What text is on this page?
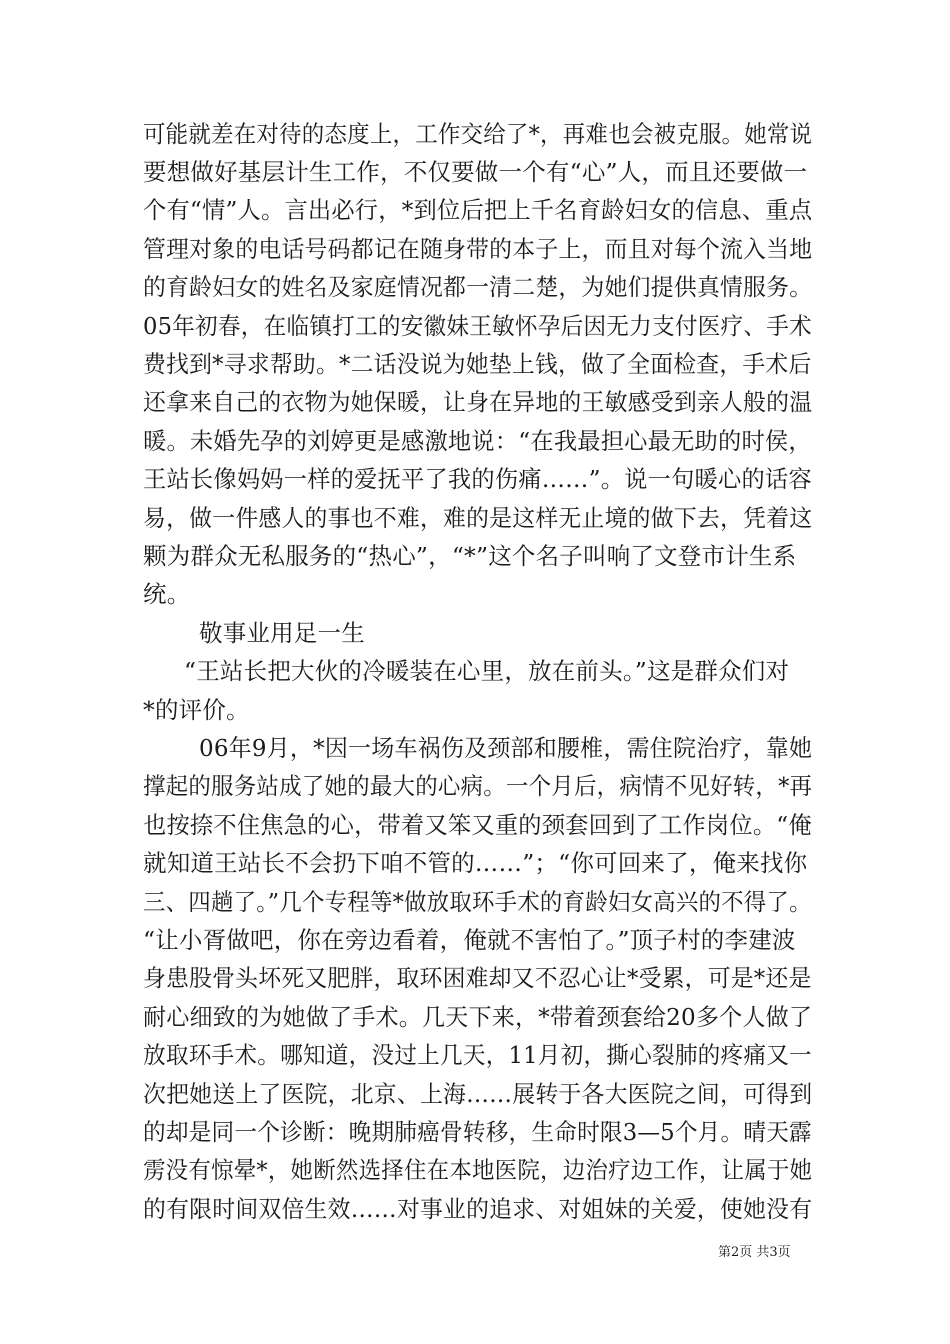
可能就差在对待的态度上，工作交给了*，再难也会被克服。她常说
要想做好基层计生工作，不仅要做一个有“心”人，而且还要做一
个有“情”人。言出必行，*到位后把上千名育龄妇女的信息、重点
管理对象的电话号码都记在随身带的本子上，而且对每个流入当地
的育龄妇女的姓名及家庭情况都一清二楚，为她们提供真情服务。
05年初春，在临镇打工的安徽妹王敏怀孕后因无力支付医疗、手术
费找到*寻求帮助。*二话没说为她垫上钱，做了全面检查，手术后
还拿来自己的衣物为她保暖，让身在异地的王敏感受到亲人般的温
暖。未婚先孕的刘婷更是感激地说：“在我最担心最无助的时侯，
王站长像妈妈一样的爱抚平了我的伤痛……”。说一句暖心的话容
易，做一件感人的事也不难，难的是这样无止境的做下去，凭着这
颗为群众无私服务的“热心”，“*”这个名子叫响了文登市计生系
统。
敬事业用足一生
“王站长把大伙的冷暖装在心里，放在前头。”这是群众们对
*的评价。
06年9月，*因一场车祸伤及颈部和腰椎，需住院治疗，靠她
撑起的服务站成了她的最大的心病。一个月后，病情不见好转，*再
也按捺不住焦急的心，带着又笨又重的颈套回到了工作岗位。“俺
就知道王站长不会扔下咱不管的……”；“你可回来了，俺来找你
三、四趟了。”几个专程等*做放取环手术的育龄妇女高兴的不得了。
“让小胥做吧，你在旁边看着，俺就不害怕了。”顶子村的李建波
身患股骨头坏死又肥胖，取环困难却又不忍心让*受累，可是*还是
耐心细致的为她做了手术。几天下来，*带着颈套给20多个人做了
放取环手术。哪知道，没过上几天，11月初，撕心裂肺的疼痛又一
次把她送上了医院，北京、上海……展转于各大医院之间，可得到
的却是同一个诊断：晚期肺癌骨转移，生命时限3—5个月。晴天霹
雳没有惊晕*，她断然选择住在本地医院，边治疗边工作，让属于她
的有限时间双倍生效……对事业的追求、对姐妹的关爱，使她没有
第2页 共3页
